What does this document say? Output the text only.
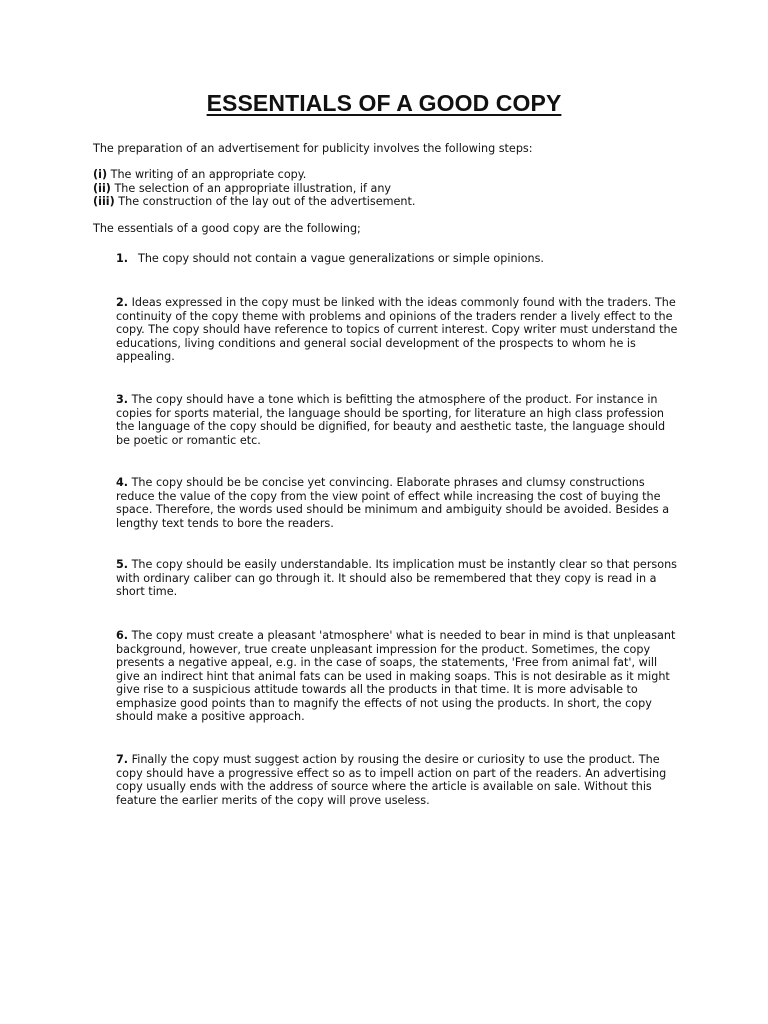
ESSENTIALS OF A GOOD COPY

The preparation of an advertisement for publicity involves the following steps:

(i) The writing of an appropriate copy.
(ii) The selection of an appropriate illustration, if any
(iii) The construction of the lay out of the advertisement.

The essentials of a good copy are the following;

1. The copy should not contain a vague generalizations or simple opinions.

2. Ideas expressed in the copy must be linked with the ideas commonly found with the traders. The continuity of the copy theme with problems and opinions of the traders render a lively effect to the copy. The copy should have reference to topics of current interest. Copy writer must understand the educations, living conditions and general social development of the prospects to whom he is appealing.

3. The copy should have a tone which is befitting the atmosphere of the product. For instance in copies for sports material, the language should be sporting, for literature an high class profession the language of the copy should be dignified, for beauty and aesthetic taste, the language should be poetic or romantic etc.

4. The copy should be be concise yet convincing. Elaborate phrases and clumsy constructions reduce the value of the copy from the view point of effect while increasing the cost of buying the space. Therefore, the words used should be minimum and ambiguity should be avoided. Besides a lengthy text tends to bore the readers.

5. The copy should be easily understandable. Its implication must be instantly clear so that persons with ordinary caliber can go through it. It should also be remembered that they copy is read in a short time.

6. The copy must create a pleasant 'atmosphere' what is needed to bear in mind is that unpleasant background, however, true create unpleasant impression for the product. Sometimes, the copy presents a negative appeal, e.g. in the case of soaps, the statements, 'Free from animal fat', will give an indirect hint that animal fats can be used in making soaps. This is not desirable as it might give rise to a suspicious attitude towards all the products in that time. It is more advisable to emphasize good points than to magnify the effects of not using the products. In short, the copy should make a positive approach.

7. Finally the copy must suggest action by rousing the desire or curiosity to use the product. The copy should have a progressive effect so as to impell action on part of the readers. An advertising copy usually ends with the address of source where the article is available on sale. Without this feature the earlier merits of the copy will prove useless.
